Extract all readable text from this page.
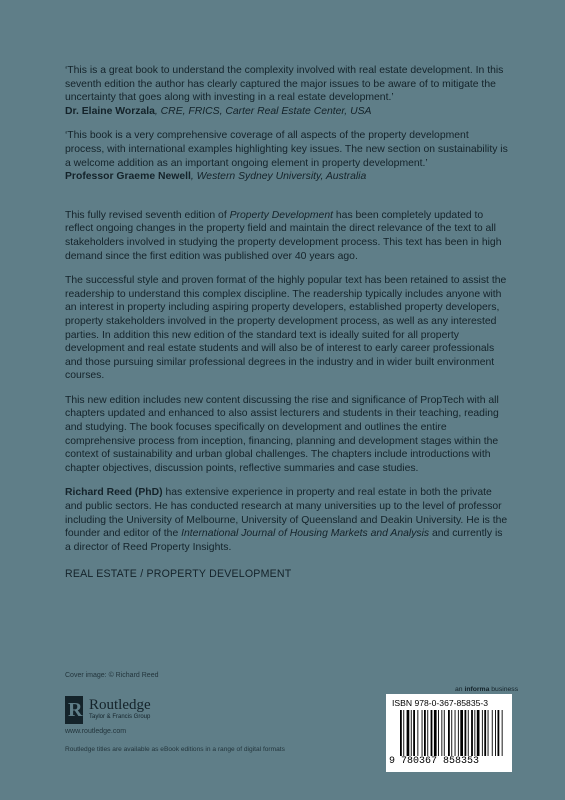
‘This is a great book to understand the complexity involved with real estate development. In this seventh edition the author has clearly captured the major issues to be aware of to mitigate the uncertainty that goes along with investing in a real estate development.’
Dr. Elaine Worzala, CRE, FRICS, Carter Real Estate Center, USA
‘This book is a very comprehensive coverage of all aspects of the property development process, with international examples highlighting key issues. The new section on sustainability is a welcome addition as an important ongoing element in property development.’
Professor Graeme Newell, Western Sydney University, Australia
This fully revised seventh edition of Property Development has been completely updated to reflect ongoing changes in the property field and maintain the direct relevance of the text to all stakeholders involved in studying the property development process. This text has been in high demand since the first edition was published over 40 years ago.
The successful style and proven format of the highly popular text has been retained to assist the readership to understand this complex discipline. The readership typically includes anyone with an interest in property including aspiring property developers, established property developers, property stakeholders involved in the property development process, as well as any interested parties. In addition this new edition of the standard text is ideally suited for all property development and real estate students and will also be of interest to early career professionals and those pursuing similar professional degrees in the industry and in wider built environment courses.
This new edition includes new content discussing the rise and significance of PropTech with all chapters updated and enhanced to also assist lecturers and students in their teaching, reading and studying. The book focuses specifically on development and outlines the entire comprehensive process from inception, financing, planning and development stages within the context of sustainability and urban global challenges. The chapters include introductions with chapter objectives, discussion points, reflective summaries and case studies.
Richard Reed (PhD) has extensive experience in property and real estate in both the private and public sectors. He has conducted research at many universities up to the level of professor including the University of Melbourne, University of Queensland and Deakin University. He is the founder and editor of the International Journal of Housing Markets and Analysis and currently is a director of Reed Property Insights.
REAL ESTATE / PROPERTY DEVELOPMENT
Cover image: © Richard Reed
R Routledge
Taylor & Francis Group
www.routledge.com
Routledge titles are available as eBook editions in a range of digital formats
an informa business
ISBN 978-0-367-85835-3
9 780367 858353
